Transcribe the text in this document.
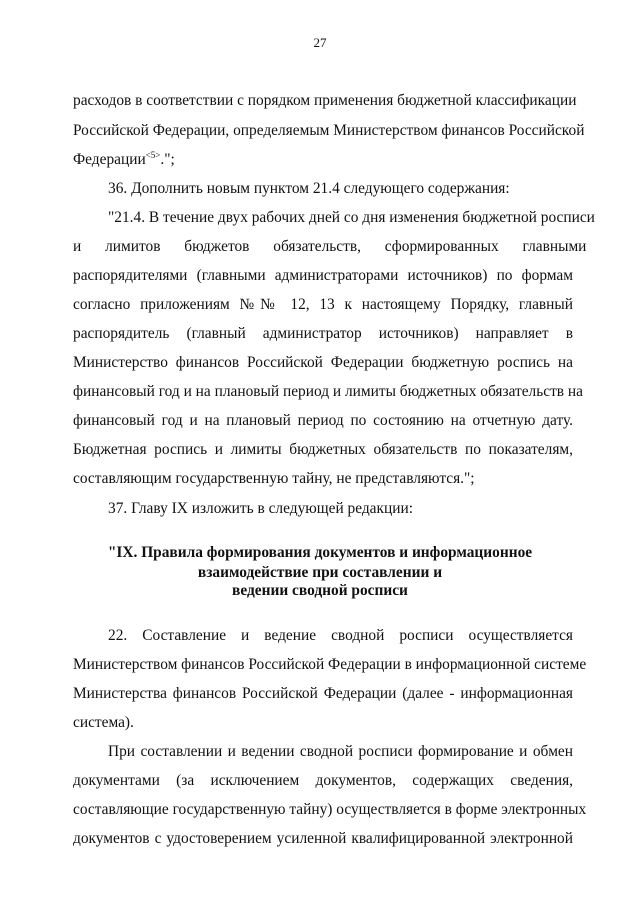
27
расходов в соответствии с порядком применения бюджетной классификации
Российской Федерации, определяемым Министерством финансов Российской
Федерации$^{<5>}$.";
36. Дополнить новым пунктом 21.4 следующего содержания:
"21.4. В течение двух рабочих дней со дня изменения бюджетной росписи
и лимитов бюджетов обязательств, сформированных главными
распорядителями (главными администраторами источников) по формам
согласно приложениям №№ 12, 13 к настоящему Порядку, главный
распорядитель (главный администратор источников) направляет в
Министерство финансов Российской Федерации бюджетную роспись на
финансовый год и на плановый период и лимиты бюджетных обязательств на
финансовый год и на плановый период по состоянию на отчетную дату.
Бюджетная роспись и лимиты бюджетных обязательств по показателям,
составляющим государственную тайну, не представляются.";
37. Главу IX изложить в следующей редакции:
"IX. Правила формирования документов и информационное
взаимодействие при составлении и
ведении сводной росписи
22. Составление и ведение сводной росписи осуществляется
Министерством финансов Российской Федерации в информационной системе
Министерства финансов Российской Федерации (далее - информационная
система).
При составлении и ведении сводной росписи формирование и обмен
документами (за исключением документов, содержащих сведения,
составляющие государственную тайну) осуществляется в форме электронных
документов с удостоверением усиленной квалифицированной электронной
